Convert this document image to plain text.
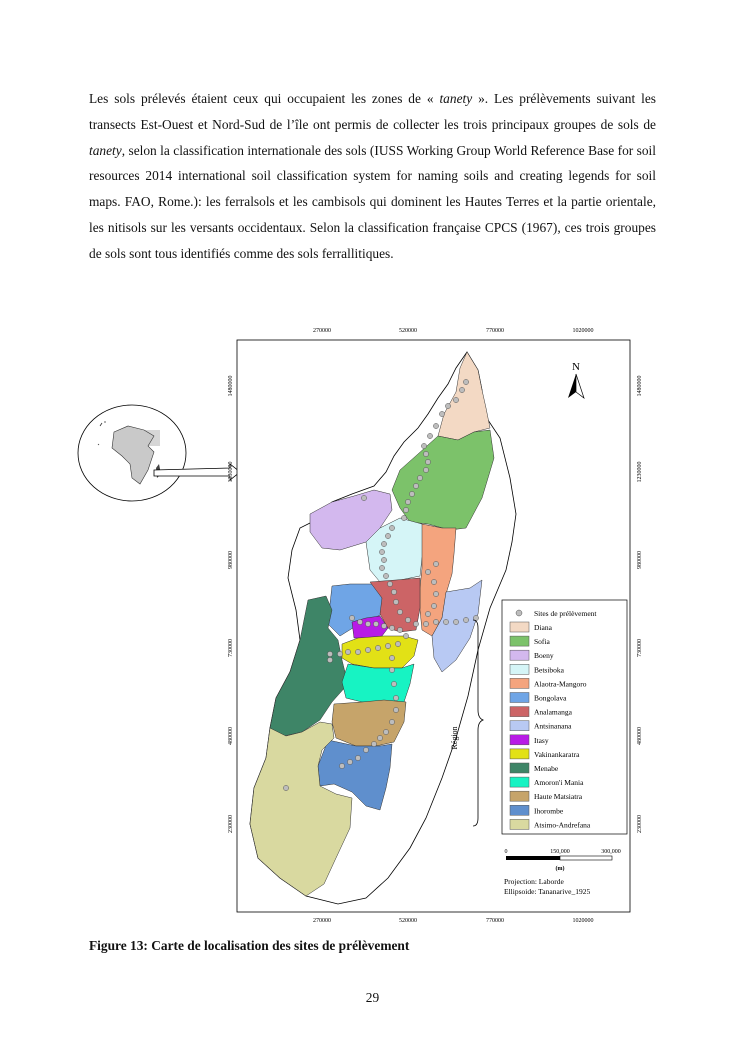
Les sols prélevés étaient ceux qui occupaient les zones de « tanety ». Les prélèvements suivant les transects Est-Ouest et Nord-Sud de l’île ont permis de collecter les trois principaux groupes de sols de tanety, selon la classification internationale des sols (IUSS Working Group World Reference Base for soil resources 2014 international soil classification system for naming soils and creating legends for soil maps. FAO, Rome.): les ferralsols et les cambisols qui dominent les Hautes Terres et la partie orientale, les nitisols sur les versants occidentaux. Selon la classification française CPCS (1967), ces trois groupes de sols sont tous identifiés comme des sols ferrallitiques.

270000	520000	770000	1020000
270000	520000	770000	1020000
1480000
1230000
980000
730000
480000
230000
1480000
1230000
980000
730000
480000
230000
N
Région
Sites de prélèvement
Diana
Sofia
Boeny
Betsiboka
Alaotra-Mangoro
Bongolava
Analamanga
Antsinanana
Itasy
Vakinankaratra
Menabe
Amoron'i Mania
Haute Matsiatra
Ihorombe
Atsimo-Andrefana
0	150,000	300,000
(m)
Projection: Laborde
Ellipsoide: Tananarive_1925

Figure 13: Carte de localisation des sites de prélèvement

29
